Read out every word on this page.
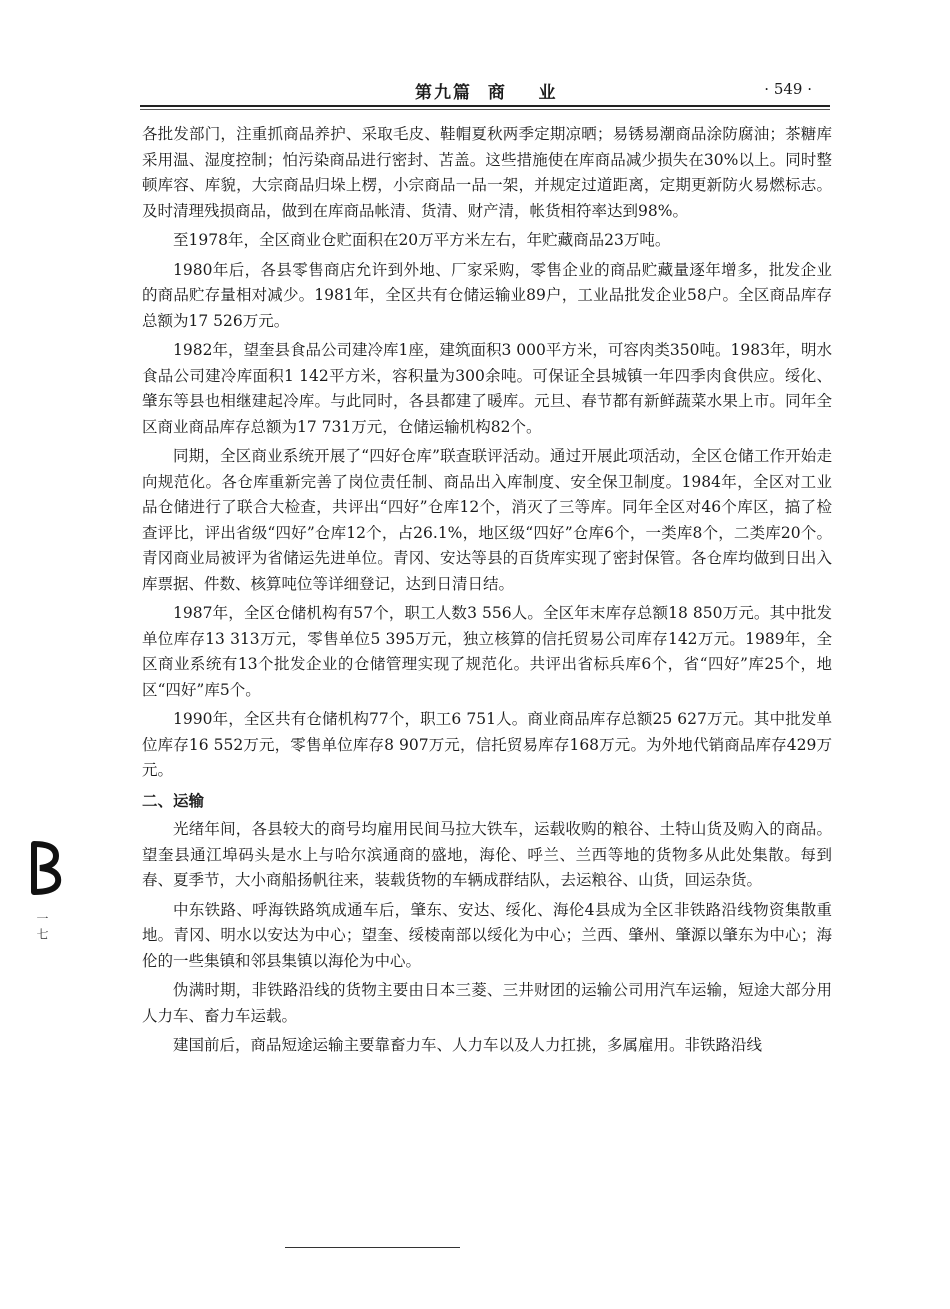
第九篇  商    业	· 549 ·

各批发部门，注重抓商品养护、采取毛皮、鞋帽夏秋两季定期凉晒；易锈易潮商品涂防腐油；茶糖库采用温、湿度控制；怕污染商品进行密封、苫盖。这些措施使在库商品减少损失在30%以上。同时整顿库容、库貌，大宗商品归垛上楞，小宗商品一品一架，并规定过道距离，定期更新防火易燃标志。及时清理残损商品，做到在库商品帐清、货清、财产清，帐货相符率达到98%。

至1978年，全区商业仓贮面积在20万平方米左右，年贮藏商品23万吨。

1980年后，各县零售商店允许到外地、厂家采购，零售企业的商品贮藏量逐年增多，批发企业的商品贮存量相对减少。1981年，全区共有仓储运输业89户，工业品批发企业58户。全区商品库存总额为17 526万元。

1982年，望奎县食品公司建冷库1座，建筑面积3 000平方米，可容肉类350吨。1983年，明水食品公司建冷库面积1 142平方米，容积量为300余吨。可保证全县城镇一年四季肉食供应。绥化、肇东等县也相继建起冷库。与此同时，各县都建了暖库。元旦、春节都有新鲜蔬菜水果上市。同年全区商业商品库存总额为17 731万元，仓储运输机构82个。

同期，全区商业系统开展了“四好仓库”联查联评活动。通过开展此项活动，全区仓储工作开始走向规范化。各仓库重新完善了岗位责任制、商品出入库制度、安全保卫制度。1984年，全区对工业品仓储进行了联合大检查，共评出“四好”仓库12个，消灭了三等库。同年全区对46个库区，搞了检查评比，评出省级“四好”仓库12个，占26.1%，地区级“四好”仓库6个，一类库8个，二类库20个。青冈商业局被评为省储运先进单位。青冈、安达等县的百货库实现了密封保管。各仓库均做到日出入库票据、件数、核算吨位等详细登记，达到日清日结。

1987年，全区仓储机构有57个，职工人数3 556人。全区年末库存总额18 850万元。其中批发单位库存13 313万元，零售单位5 395万元，独立核算的信托贸易公司库存142万元。1989年，全区商业系统有13个批发企业的仓储管理实现了规范化。共评出省标兵库6个，省“四好”库25个，地区“四好”库5个。

1990年，全区共有仓储机构77个，职工6 751人。商业商品库存总额25 627万元。其中批发单位库存16 552万元，零售单位库存8 907万元，信托贸易库存168万元。为外地代销商品库存429万元。

二、运输

光绪年间，各县较大的商号均雇用民间马拉大铁车，运载收购的粮谷、土特山货及购入的商品。望奎县通江埠码头是水上与哈尔滨通商的盛地，海伦、呼兰、兰西等地的货物多从此处集散。每到春、夏季节，大小商船扬帆往来，装载货物的车辆成群结队，去运粮谷、山货，回运杂货。

中东铁路、呼海铁路筑成通车后，肇东、安达、绥化、海伦4县成为全区非铁路沿线物资集散重地。青冈、明水以安达为中心；望奎、绥棱南部以绥化为中心；兰西、肇州、肇源以肇东为中心；海伦的一些集镇和邻县集镇以海伦为中心。

伪满时期，非铁路沿线的货物主要由日本三菱、三井财团的运输公司用汽车运输，短途大部分用人力车、畜力车运载。

建国前后，商品短途运输主要靠畜力车、人力车以及人力扛挑，多属雇用。非铁路沿线

一 七
